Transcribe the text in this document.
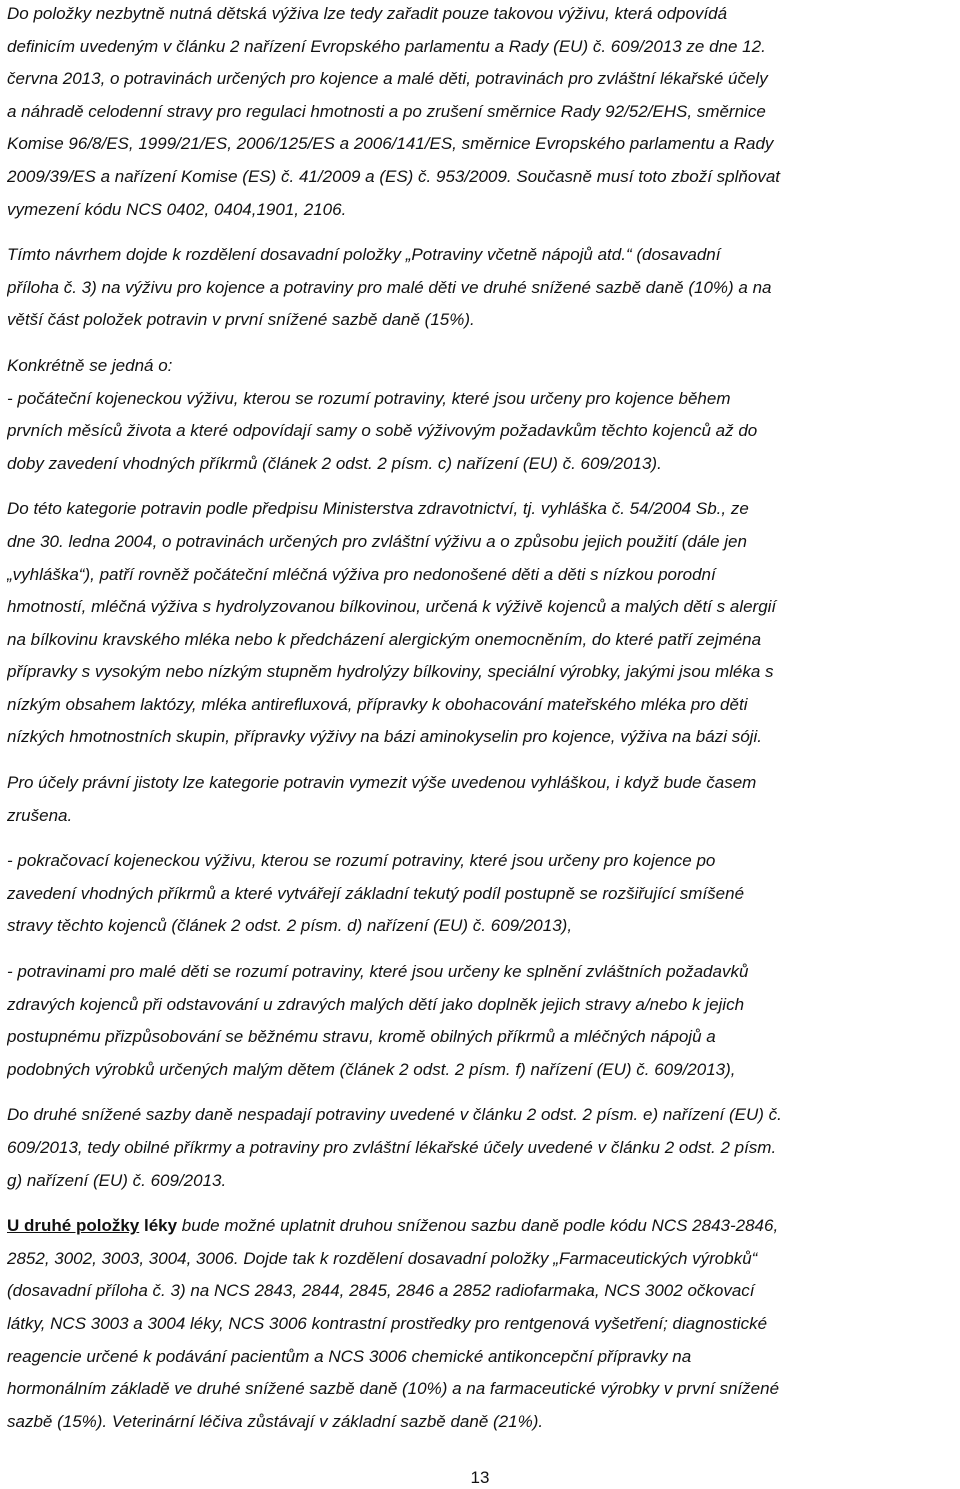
Do položky nezbytně nutná dětská výživa lze tedy zařadit pouze takovou výživu, která odpovídá
definicím uvedeným v článku 2 nařízení Evropského parlamentu a Rady (EU) č. 609/2013 ze dne 12.
června 2013, o potravinách určených pro kojence a malé děti, potravinách pro zvláštní lékařské účely
a náhradě celodenní stravy pro regulaci hmotnosti a po zrušení směrnice Rady 92/52/EHS, směrnice
Komise 96/8/ES, 1999/21/ES, 2006/125/ES a 2006/141/ES, směrnice Evropského parlamentu a Rady
2009/39/ES a nařízení Komise (ES) č. 41/2009 a (ES) č. 953/2009. Současně musí toto zboží splňovat
vymezení kódu NCS 0402, 0404,1901, 2106.
Tímto návrhem dojde k rozdělení dosavadní položky „Potraviny včetně nápojů atd.“ (dosavadní
příloha č. 3) na výživu pro kojence a potraviny pro malé děti ve druhé snížené sazbě daně (10%) a na
větší část položek potravin v první snížené sazbě daně (15%).
Konkrétně se jedná o:
- počáteční kojeneckou výživu, kterou se rozumí potraviny, které jsou určeny pro kojence během
prvních měsíců života a které odpovídají samy o sobě výživovým požadavkům těchto kojenců až do
doby zavedení vhodných příkrmů (článek 2 odst. 2 písm. c) nařízení (EU) č. 609/2013).
Do této kategorie potravin podle předpisu Ministerstva zdravotnictví, tj. vyhláška č. 54/2004 Sb., ze
dne 30. ledna 2004, o potravinách určených pro zvláštní výživu a o způsobu jejich použití (dále jen
„vyhláška“), patří rovněž počáteční mléčná výživa pro nedonošené děti a děti s nízkou porodní
hmotností, mléčná výživa s hydrolyzovanou bílkovinou, určená k výživě kojenců a malých dětí s alergií
na bílkovinu kravského mléka nebo k předcházení alergickým onemocněním, do které patří zejména
přípravky s vysokým nebo nízkým stupněm hydrolýzy bílkoviny, speciální výrobky, jakými jsou mléka s
nízkým obsahem laktózy, mléka antirefluxová, přípravky k obohacování mateřského mléka pro děti
nízkých hmotnostních skupin, přípravky výživy na bázi aminokyselin pro kojence, výživa na bázi sóji.
Pro účely právní jistoty lze kategorie potravin vymezit výše uvedenou vyhláškou, i když bude časem
zrušena.
- pokračovací kojeneckou výživu, kterou se rozumí potraviny, které jsou určeny pro kojence po
zavedení vhodných příkrmů a které vytvářejí základní tekutý podíl postupně se rozšiřující smíšené
stravy těchto kojenců (článek 2 odst. 2 písm. d) nařízení (EU) č. 609/2013),
- potravinami pro malé děti se rozumí potraviny, které jsou určeny ke splnění zvláštních požadavků
zdravých kojenců při odstavování u zdravých malých dětí jako doplněk jejich stravy a/nebo k jejich
postupnému přizpůsobování se běžnému stravu, kromě obilných příkrmů a mléčných nápojů a
podobných výrobků určených malým dětem (článek 2 odst. 2 písm. f) nařízení (EU) č. 609/2013),
Do druhé snížené sazby daně nespadají potraviny uvedené v článku 2 odst. 2 písm. e) nařízení (EU) č.
609/2013, tedy obilné příkrmy a potraviny pro zvláštní lékařské účely uvedené v článku 2 odst. 2 písm.
g) nařízení (EU) č. 609/2013.
U druhé položky léky bude možné uplatnit druhou sníženou sazbu daně podle kódu NCS 2843-2846,
2852, 3002, 3003, 3004, 3006. Dojde tak k rozdělení dosavadní položky „Farmaceutických výrobků“
(dosavadní příloha č. 3) na NCS 2843, 2844, 2845, 2846 a 2852 radiofarmaka, NCS 3002 očkovací
látky, NCS 3003 a 3004 léky, NCS 3006 kontrastní prostředky pro rentgenová vyšetření; diagnostické
reagencie určené k podávání pacientům a NCS 3006 chemické antikoncepční přípravky na
hormonálním základě ve druhé snížené sazbě daně (10%) a na farmaceutické výrobky v první snížené
sazbě (15%). Veterinární léčiva zůstávají v základní sazbě daně (21%).
13
